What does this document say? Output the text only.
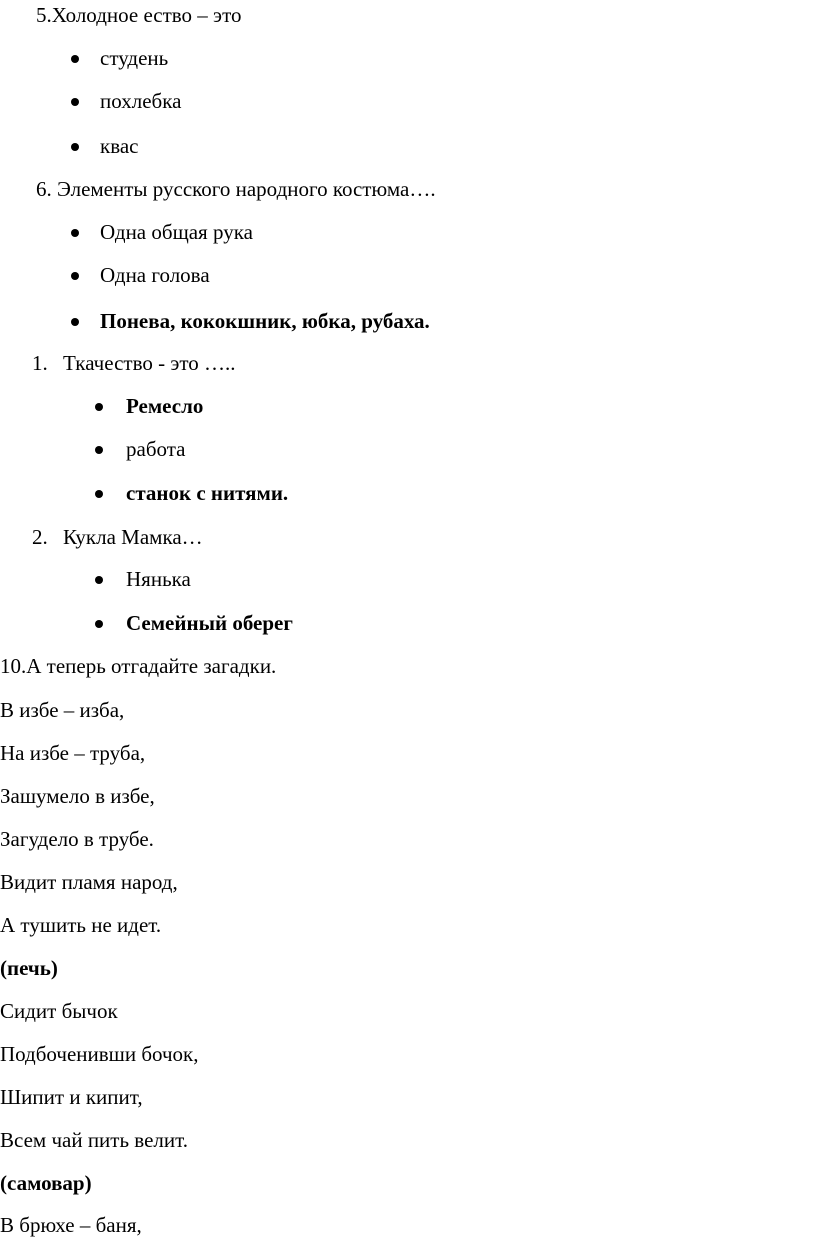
5.Холодное ество – это
студень
похлебка
квас
6. Элементы русского народного костюма….
Одна общая рука
Одна голова
Понева, кококшник, юбка, рубаха.
1. Ткачество - это …..
Ремесло
работа
станок с нитями.
2. Кукла Мамка…
Нянька
Семейный оберег
10.А теперь отгадайте загадки.
В избе – изба,
На избе – труба,
Зашумело в избе,
Загудело в трубе.
Видит пламя народ,
А тушить не идет.
(печь)
Сидит бычок
Подбоченивши бочок,
Шипит и кипит,
Всем чай пить велит.
(самовар)
В брюхе – баня,
